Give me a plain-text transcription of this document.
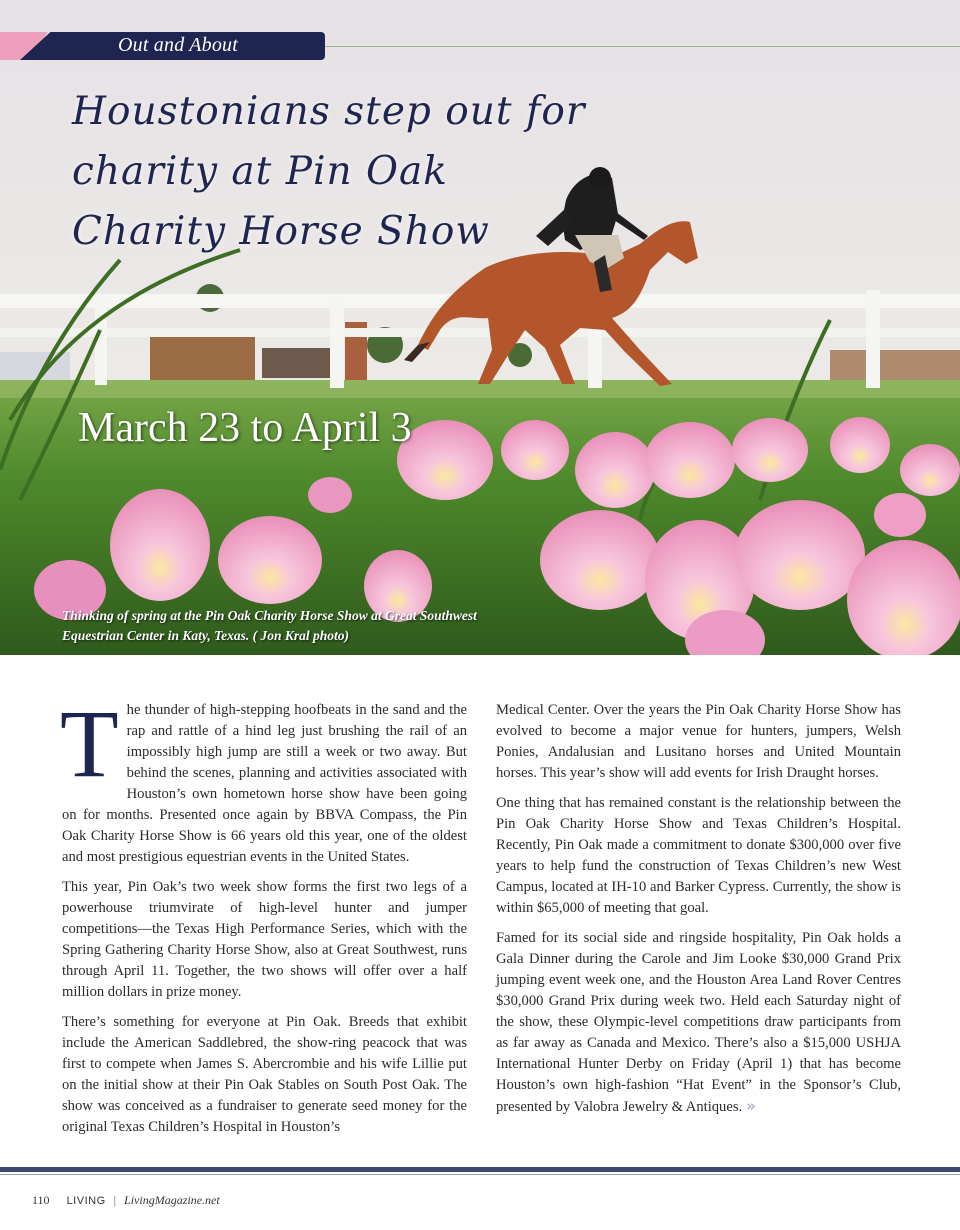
Out and About
Houstonians step out for charity at Pin Oak Charity Horse Show
March 23 to April 3
Thinking of spring at the Pin Oak Charity Horse Show at Great Southwest Equestrian Center in Katy, Texas. ( Jon Kral photo)

The thunder of high-stepping hoofbeats in the sand and the rap and rattle of a hind leg just brushing the rail of an impossibly high jump are still a week or two away. But behind the scenes, planning and activities associated with Houston’s own hometown horse show have been going on for months. Presented once again by BBVA Compass, the Pin Oak Charity Horse Show is 66 years old this year, one of the oldest and most prestigious equestrian events in the United States.

This year, Pin Oak’s two week show forms the first two legs of a powerhouse triumvirate of high-level hunter and jumper competitions—the Texas High Performance Series, which with the Spring Gathering Charity Horse Show, also at Great Southwest, runs through April 11. Together, the two shows will offer over a half million dollars in prize money.

There’s something for everyone at Pin Oak. Breeds that exhibit include the American Saddlebred, the show-ring peacock that was first to compete when James S. Abercrombie and his wife Lillie put on the initial show at their Pin Oak Stables on South Post Oak. The show was conceived as a fundraiser to generate seed money for the original Texas Children’s Hospital in Houston’s

Medical Center. Over the years the Pin Oak Charity Horse Show has evolved to become a major venue for hunters, jumpers, Welsh Ponies, Andalusian and Lusitano horses and United Mountain horses. This year’s show will add events for Irish Draught horses.

One thing that has remained constant is the relationship between the Pin Oak Charity Horse Show and Texas Children’s Hospital. Recently, Pin Oak made a commitment to donate $300,000 over five years to help fund the construction of Texas Children’s new West Campus, located at IH-10 and Barker Cypress. Currently, the show is within $65,000 of meeting that goal.

Famed for its social side and ringside hospitality, Pin Oak holds a Gala Dinner during the Carole and Jim Looke $30,000 Grand Prix jumping event week one, and the Houston Area Land Rover Centres $30,000 Grand Prix during week two. Held each Saturday night of the show, these Olympic-level competitions draw participants from as far away as Canada and Mexico. There’s also a $15,000 USHJA International Hunter Derby on Friday (April 1) that has become Houston’s own high-fashion “Hat Event” in the Sponsor’s Club, presented by Valobra Jewelry & Antiques. »

110 LIVING | LivingMagazine.net
